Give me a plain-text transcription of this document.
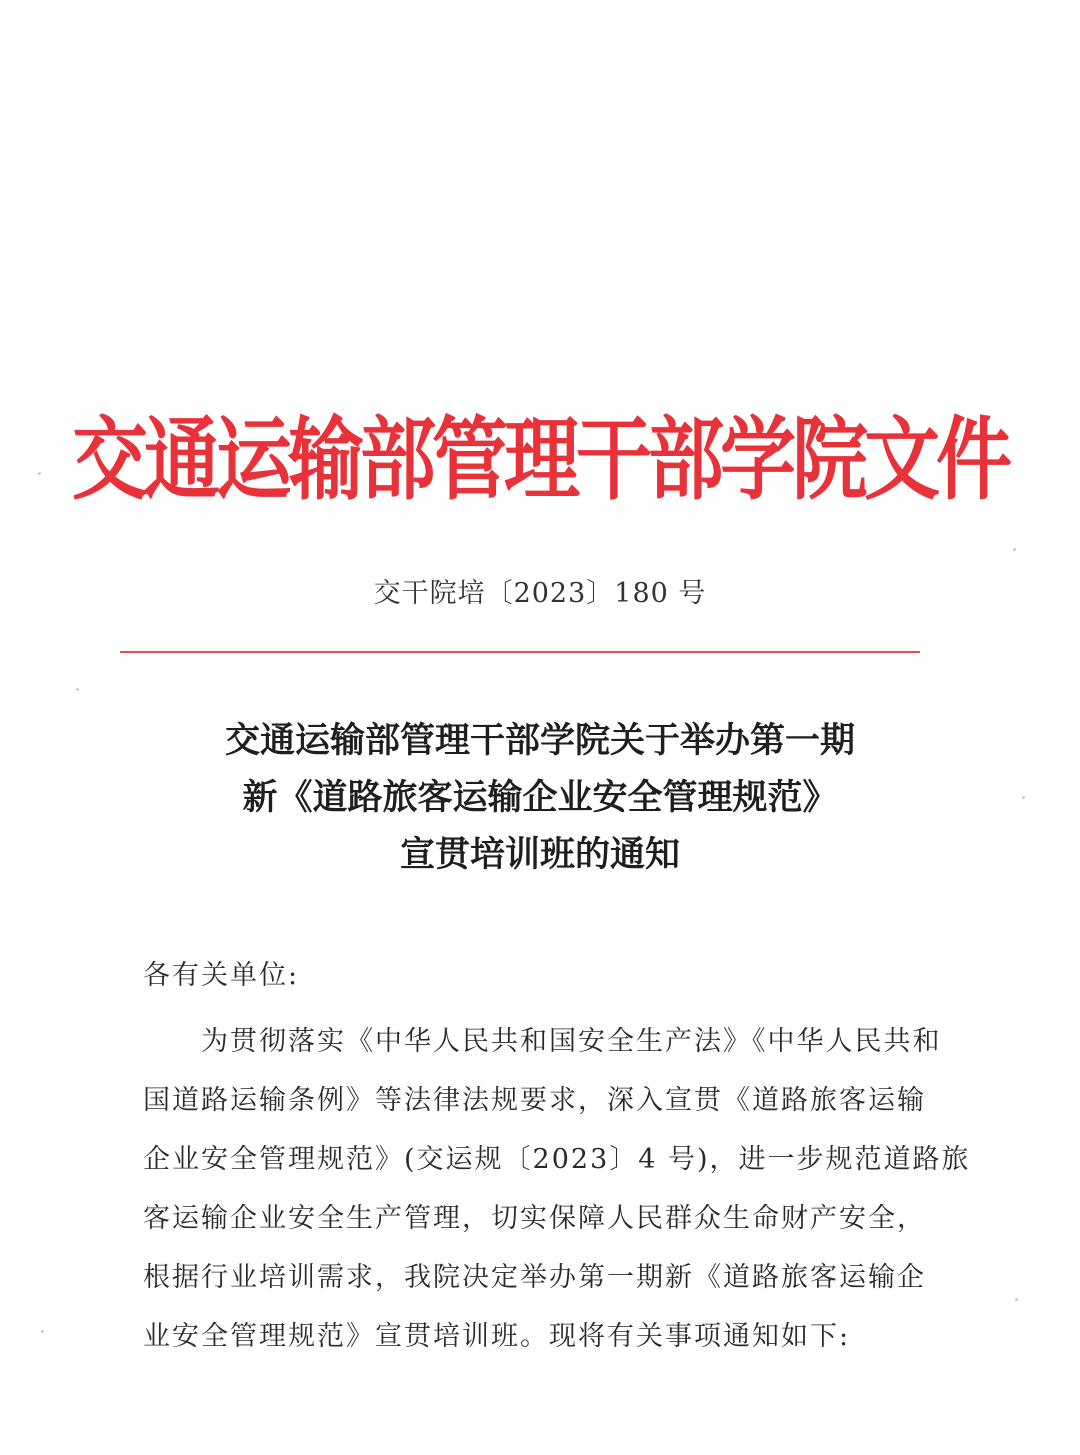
交通运输部管理干部学院文件
交干院培〔2023〕180 号
交通运输部管理干部学院关于举办第一期
新《道路旅客运输企业安全管理规范》
宣贯培训班的通知
各有关单位:
为贯彻落实《中华人民共和国安全生产法》《中华人民共和
国道路运输条例》等法律法规要求，深入宣贯《道路旅客运输
企业安全管理规范》(交运规〔2023〕4 号)，进一步规范道路旅
客运输企业安全生产管理，切实保障人民群众生命财产安全，
根据行业培训需求，我院决定举办第一期新《道路旅客运输企
业安全管理规范》宣贯培训班。现将有关事项通知如下:
